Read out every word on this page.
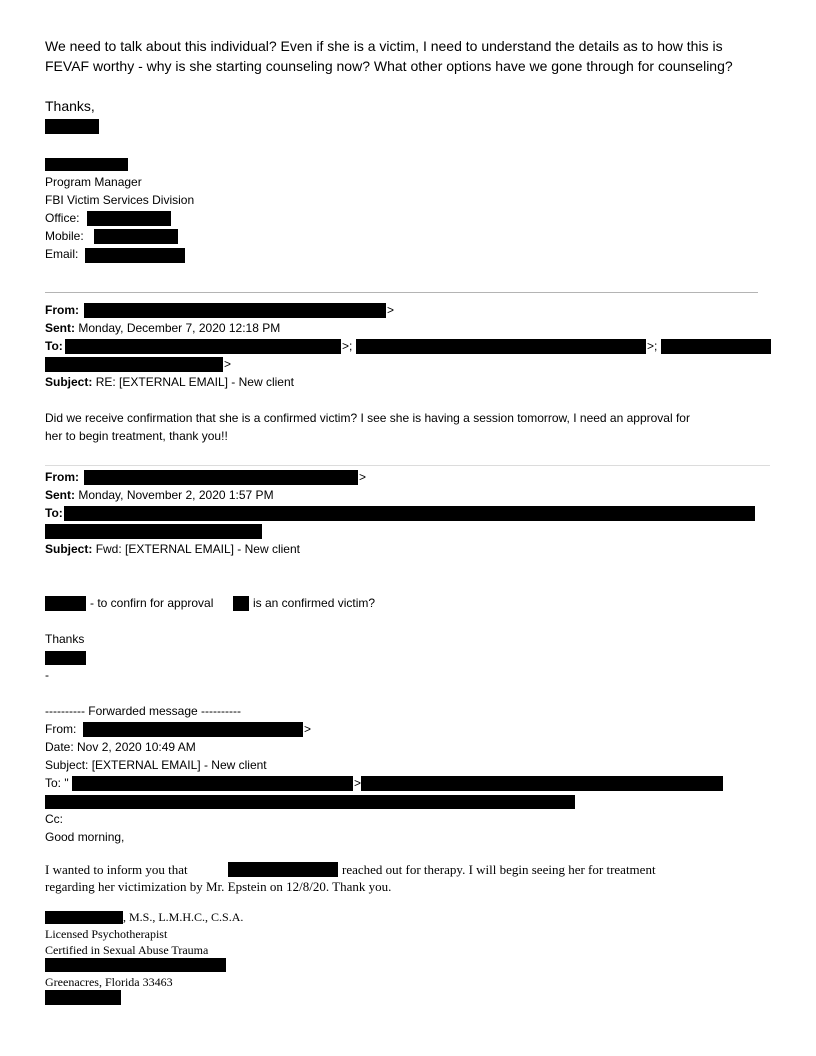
We need to talk about this individual? Even if she is a victim, I need to understand the details as to how this is
FEVAF worthy - why is she starting counseling now? What other options have we gone through for counseling?
Thanks,
Program Manager
FBI Victim Services Division
Office:
Mobile:
Email:
From:	>
Sent: Monday, December 7, 2020 12:18 PM
To:	>;	>;
>
Subject: RE: [EXTERNAL EMAIL] - New client
Did we receive confirmation that she is a confirmed victim? I see she is having a session tomorrow, I need an approval for
her to begin treatment, thank you!!
From:	>
Sent: Monday, November 2, 2020 1:57 PM
To:
Subject: Fwd: [EXTERNAL EMAIL] - New client
- to confirn for approval	is an confirmed victim?
Thanks
-
---------- Forwarded message ----------
From:	>
Date: Nov 2, 2020 10:49 AM
Subject: [EXTERNAL EMAIL] - New client
To: "	>
Cc:
Good morning,
I wanted to inform you that	reached out for therapy. I will begin seeing her for treatment
regarding her victimization by Mr. Epstein on 12/8/20. Thank you.
, M.S., L.M.H.C., C.S.A.
Licensed Psychotherapist
Certified in Sexual Abuse Trauma
Greenacres, Florida 33463
